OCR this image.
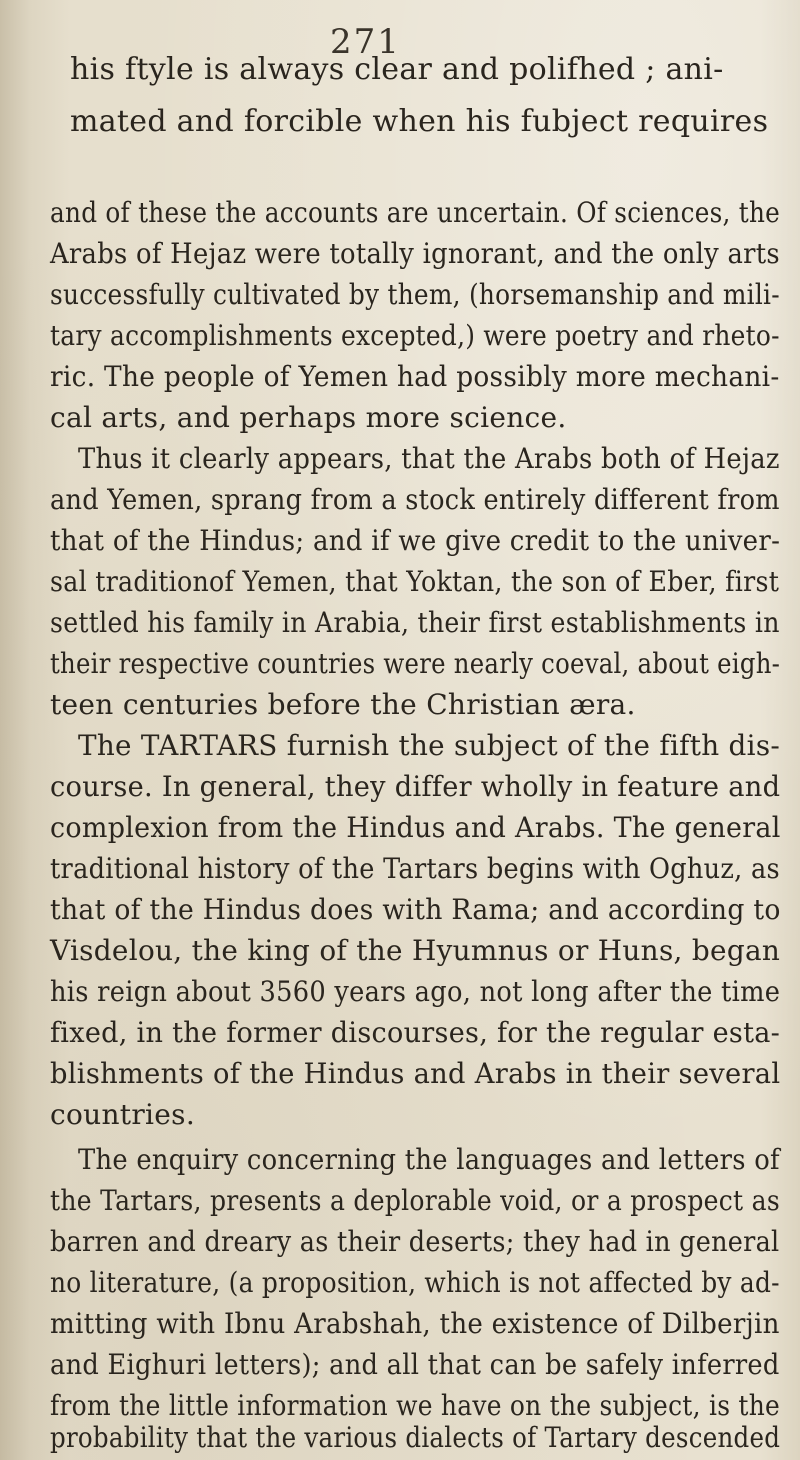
271
his ftyle is always clear and polifhed ; ani-
mated and forcible when his fubject requires
and of these the accounts are uncertain. Of sciences, the
Arabs of Hejaz were totally ignorant, and the only arts
successfully cultivated by them, (horsemanship and mili-
tary accomplishments excepted,) were poetry and rheto-
ric. The people of Yemen had possibly more mechani-
cal arts, and perhaps more science.
Thus it clearly appears, that the Arabs both of Hejaz
and Yemen, sprang from a stock entirely different from
that of the Hindus; and if we give credit to the univer-
sal traditionof Yemen, that Yoktan, the son of Eber, first
settled his family in Arabia, their first establishments in
their respective countries were nearly coeval, about eigh-
teen centuries before the Christian æra.
The TARTARS furnish the subject of the fifth dis-
course. In general, they differ wholly in feature and
complexion from the Hindus and Arabs. The general
traditional history of the Tartars begins with Oghuz, as
that of the Hindus does with Rama; and according to
Visdelou, the king of the Hyumnus or Huns, began
his reign about 3560 years ago, not long after the time
fixed, in the former discourses, for the regular esta-
blishments of the Hindus and Arabs in their several
countries.
The enquiry concerning the languages and letters of
the Tartars, presents a deplorable void, or a prospect as
barren and dreary as their deserts; they had in general
no literature, (a proposition, which is not affected by ad-
mitting with Ibnu Arabshah, the existence of Dilberjin
and Eighuri letters); and all that can be safely inferred
from the little information we have on the subject, is the
probability that the various dialects of Tartary descended
